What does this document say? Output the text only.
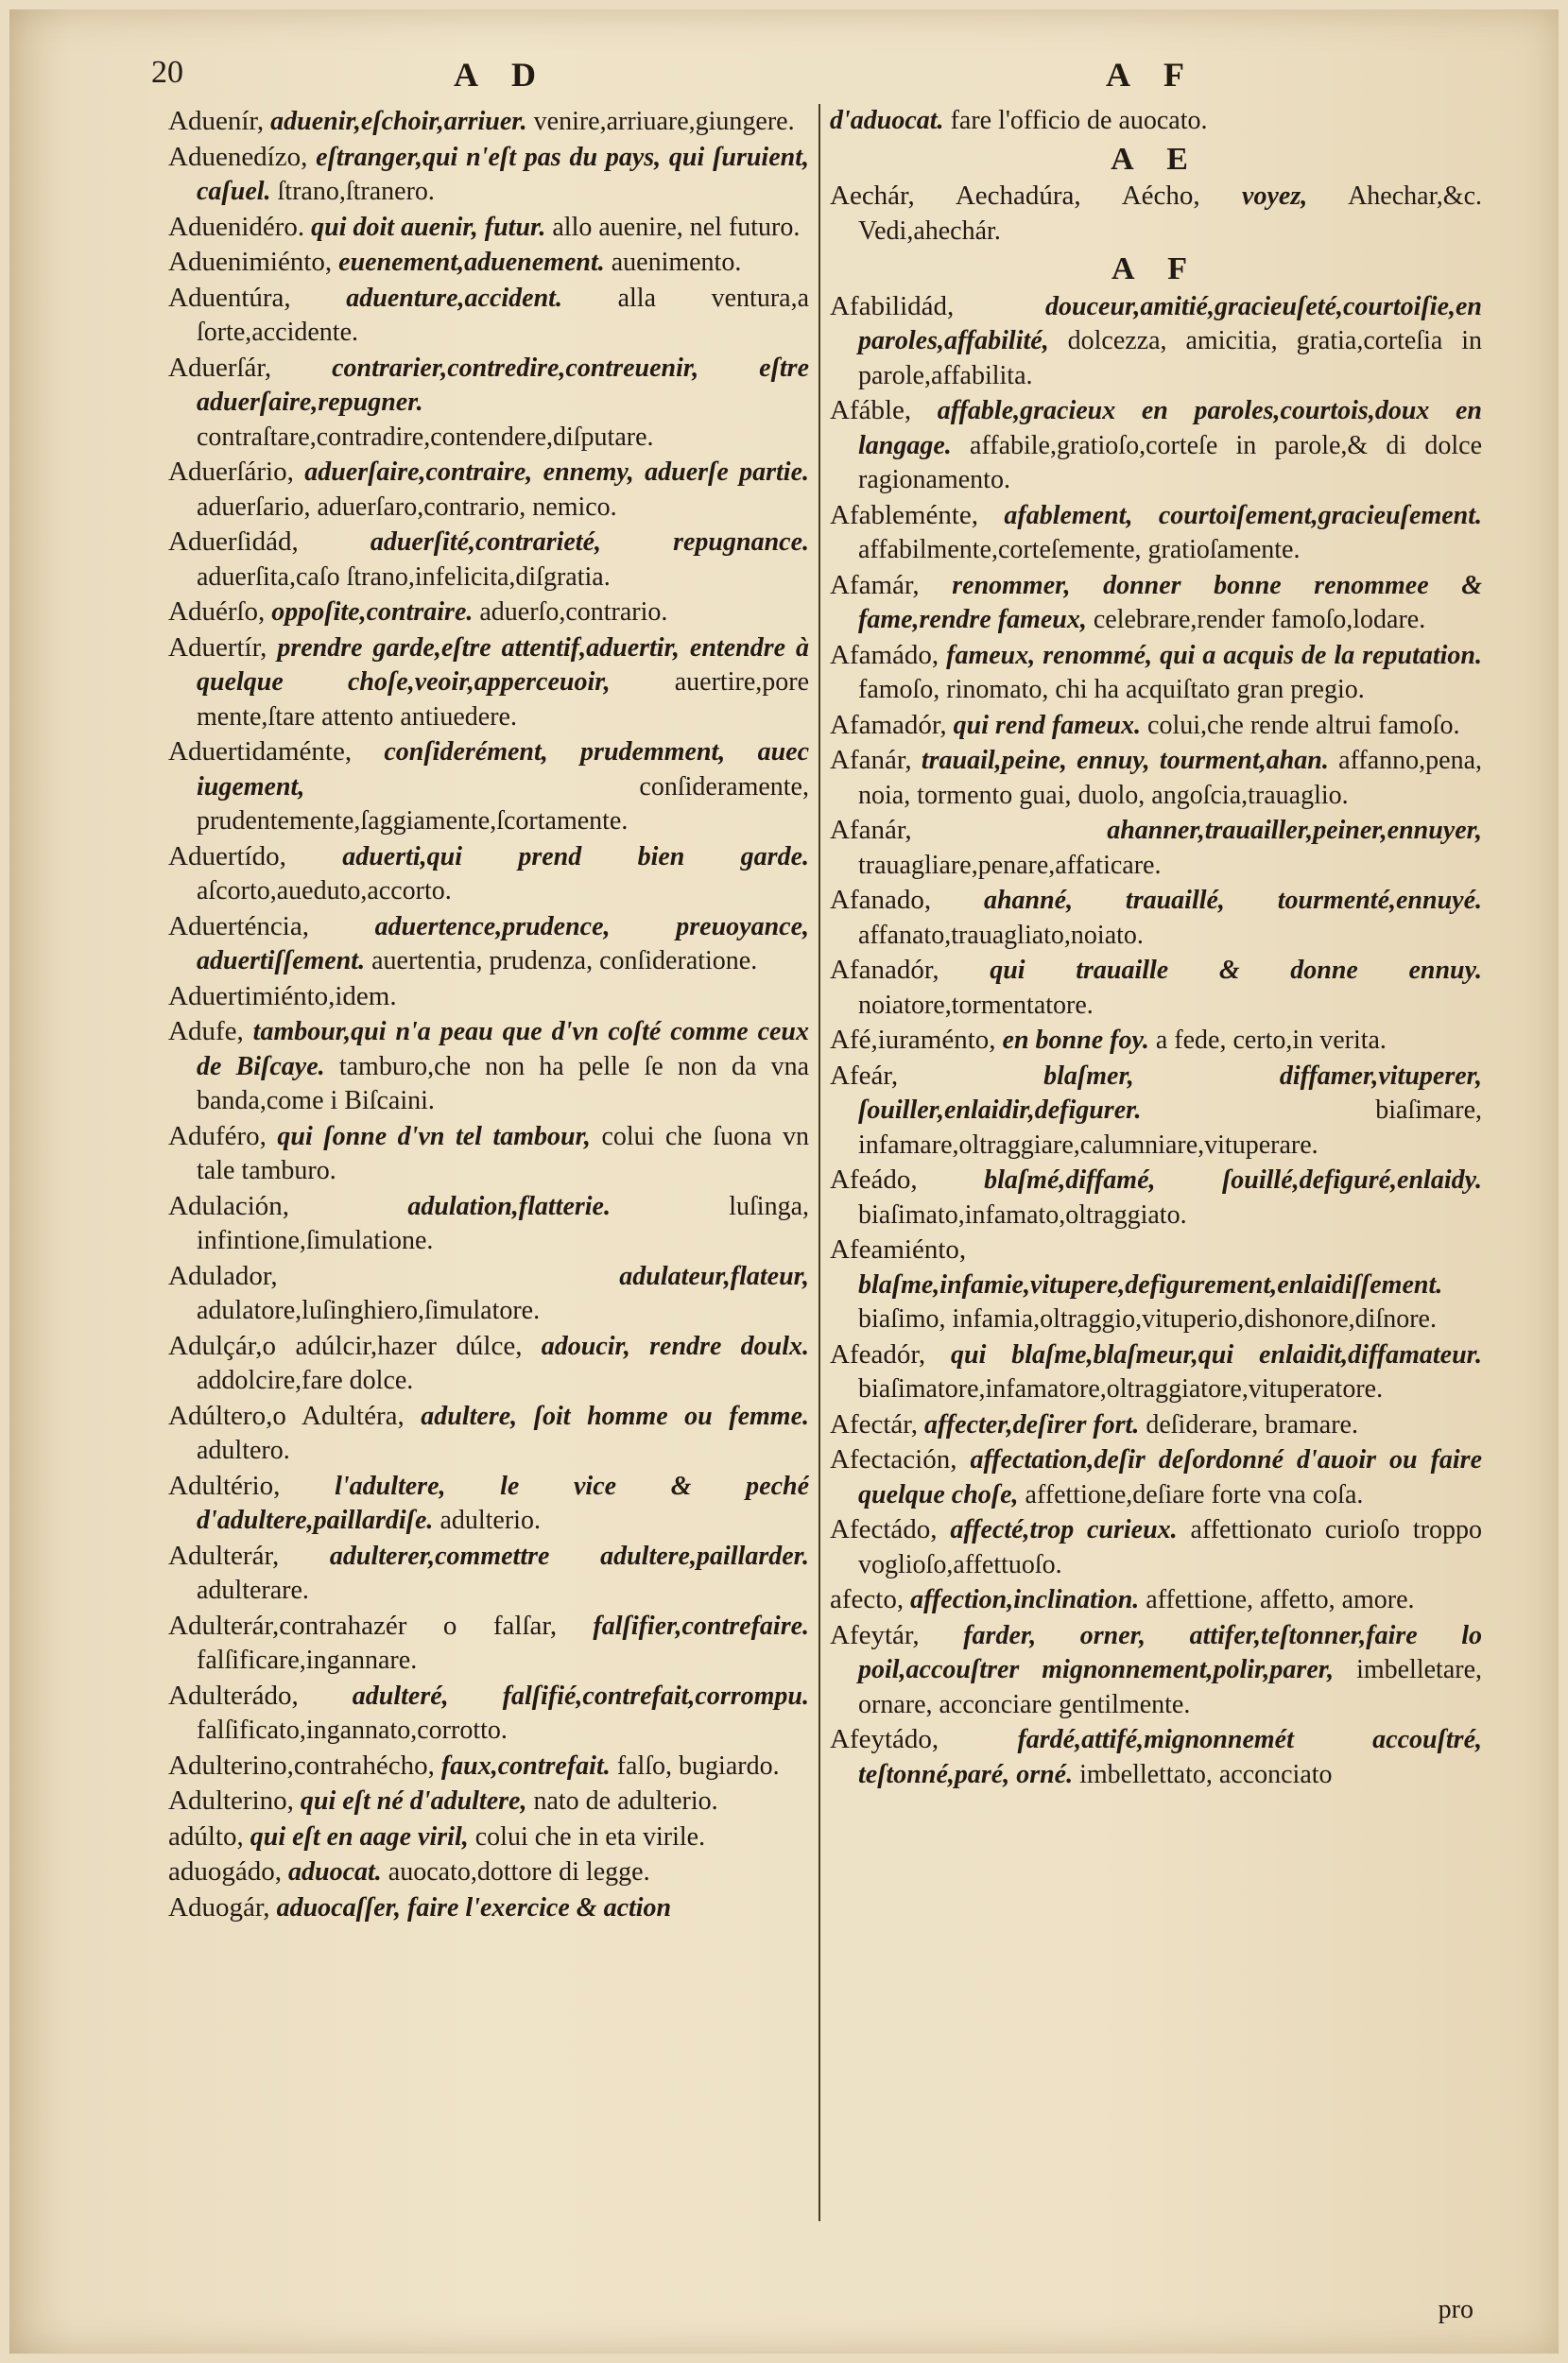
20	A D	A F

Aduenír, aduenir,eſchoir,arriuer. venire,arriuare,giungere.

Aduenedízo, eſtranger,qui n'eſt pas du pays, qui ſuruient, caſuel. ſtrano,ſtranero.

Aduenidéro. qui doit auenir, futur. allo auenire, nel futuro.

Aduenimiénto, euenement,aduenement. auenimento.

Aduentúra, aduenture,accident. alla ventura,a ſorte,accidente.

Aduerſár, contrarier,contredire,contreuenir, eſtre aduerſaire,repugner. contraſtare,contradire,contendere,diſputare.

Aduerſário, aduerſaire,contraire, ennemy, aduerſe partie. aduerſario, aduerſaro,contrario, nemico.

Aduerſidád,	aduerſité,contrarieté, repugnance. aduerſita,caſo ſtrano,infelicita,diſgratia.

Aduérſo, oppoſite,contraire. aduerſo,contrario.

Aduertír, prendre garde,eſtre attentif,aduertir, entendre à quelque choſe,veoir,apperceuoir, auertire,pore mente,ſtare attento antiuedere.

Aduertidaménte, conſiderément, prudemment, auec iugement,	conſideramente, prudentemente,ſaggiamente,ſcortamente.

Aduertído, aduerti,qui prend bien garde. aſcorto,aueduto,accorto.

Aduerténcia, aduertence,prudence, preuoyance, aduertiſſement. auertentia, prudenza, conſideratione.

Aduertimiénto,idem.

Adufe, tambour,qui n'a peau que d'vn coſté comme ceux de Biſcaye. tamburo,che non ha pelle ſe non da vna banda,come i Biſcaini.

Aduféro, qui ſonne d'vn tel tambour, colui che ſuona vn tale tamburo.

Adulación,	adulation,flatterie.	luſinga, infintione,ſimulatione.

Adulador,	adulateur,flateur, adulatore,luſinghiero,ſimulatore.

Adulçár,o adúlcir,hazer dúlce, adoucir, rendre doulx. addolcire,fare dolce.

Adúltero,o Adultéra, adultere, ſoit homme ou femme. adultero.

Adultério, l'adultere, le vice & peché d'adultere,paillardiſe. adulterio.

Adulterár, adulterer,commettre adultere,paillarder. adulterare.

Adulterár,contrahazér o falſar, falſifier,contrefaire. falſificare,ingannare.

Adulterádo, adulteré, falſifié,contrefait,corrompu. falſificato,ingannato,corrotto.

Adulterino,contrahécho, faux,contrefait. falſo, bugiardo.

Adulterino, qui eſt né d'adultere, nato de adulterio.

adúlto, qui eſt en aage viril, colui che in eta virile.

aduogádo, aduocat. auocato,dottore di legge.

Aduogár, aduocaſſer, faire l'exercice & action

d'aduocat. fare l'officio de auocato.

A E

Aechár, Aechadúra, Aécho, voyez, Ahechar,&c. Vedi,ahechár.

A F

Afabilidád,	douceur,amitié,gracieuſeté,courtoiſie,en paroles,affabilité, dolcezza, amicitia, gratia,corteſia in parole,affabilita.

Afáble, affable,gracieux en paroles,courtois,doux en langage. affabile,gratioſo,corteſe in parole,& di dolce ragionamento.

Afableménte, afablement, courtoiſement,gracieuſement. affabilmente,corteſemente, gratioſamente.

Afamár, renommer, donner bonne renommee & fame,rendre fameux, celebrare,render famoſo,lodare.

Afamádo, fameux, renommé, qui a acquis de la reputation. famoſo, rinomato, chi ha acquiſtato gran pregio.

Afamadór, qui rend fameux. colui,che rende altrui famoſo.

Afanár, trauail,peine, ennuy, tourment,ahan. affanno,pena, noia, tormento guai, duolo, angoſcia,trauaglio.

Afanár,	ahanner,trauailler,peiner,ennuyer, trauagliare,penare,affaticare.

Afanado, ahanné, trauaillé, tourmenté,ennuyé. affanato,trauagliato,noiato.

Afanadór, qui trauaille & donne ennuy. noiatore,tormentatore.

Afé,iuraménto, en bonne foy. a fede, certo,in verita.

Afeár,	blaſmer, diffamer,vituperer, ſouiller,enlaidir,defigurer.	biaſimare, infamare,oltraggiare,calumniare,vituperare.

Afeádo,	blaſmé,diffamé, ſouillé,defiguré,enlaidy. biaſimato,infamato,oltraggiato.

Afeamiénto, blaſme,infamie,vitupere,defigurement,enlaidiſſement. biaſimo, infamia,oltraggio,vituperio,dishonore,diſnore.

Afeadór, qui blaſme,blaſmeur,qui enlaidit,diffamateur. biaſimatore,infamatore,oltraggiatore,vituperatore.

Afectár, affecter,deſirer fort. deſiderare, bramare.

Afectación, affectation,deſir deſordonné d'auoir ou faire quelque choſe, affettione,deſiare forte vna coſa.

Afectádo, affecté,trop curieux. affettionato curioſo troppo voglioſo,affettuoſo.

afecto, affection,inclination. affettione, affetto, amore.

Afeytár, farder, orner, attifer,teſtonner,faire lo poil,accouſtrer mignonnement,polir,parer, imbelletare, ornare, acconciare gentilmente.

Afeytádo,	fardé,attifé,mignonnemét accouſtré, teſtonné,paré, orné. imbellettato, acconciato

pro
